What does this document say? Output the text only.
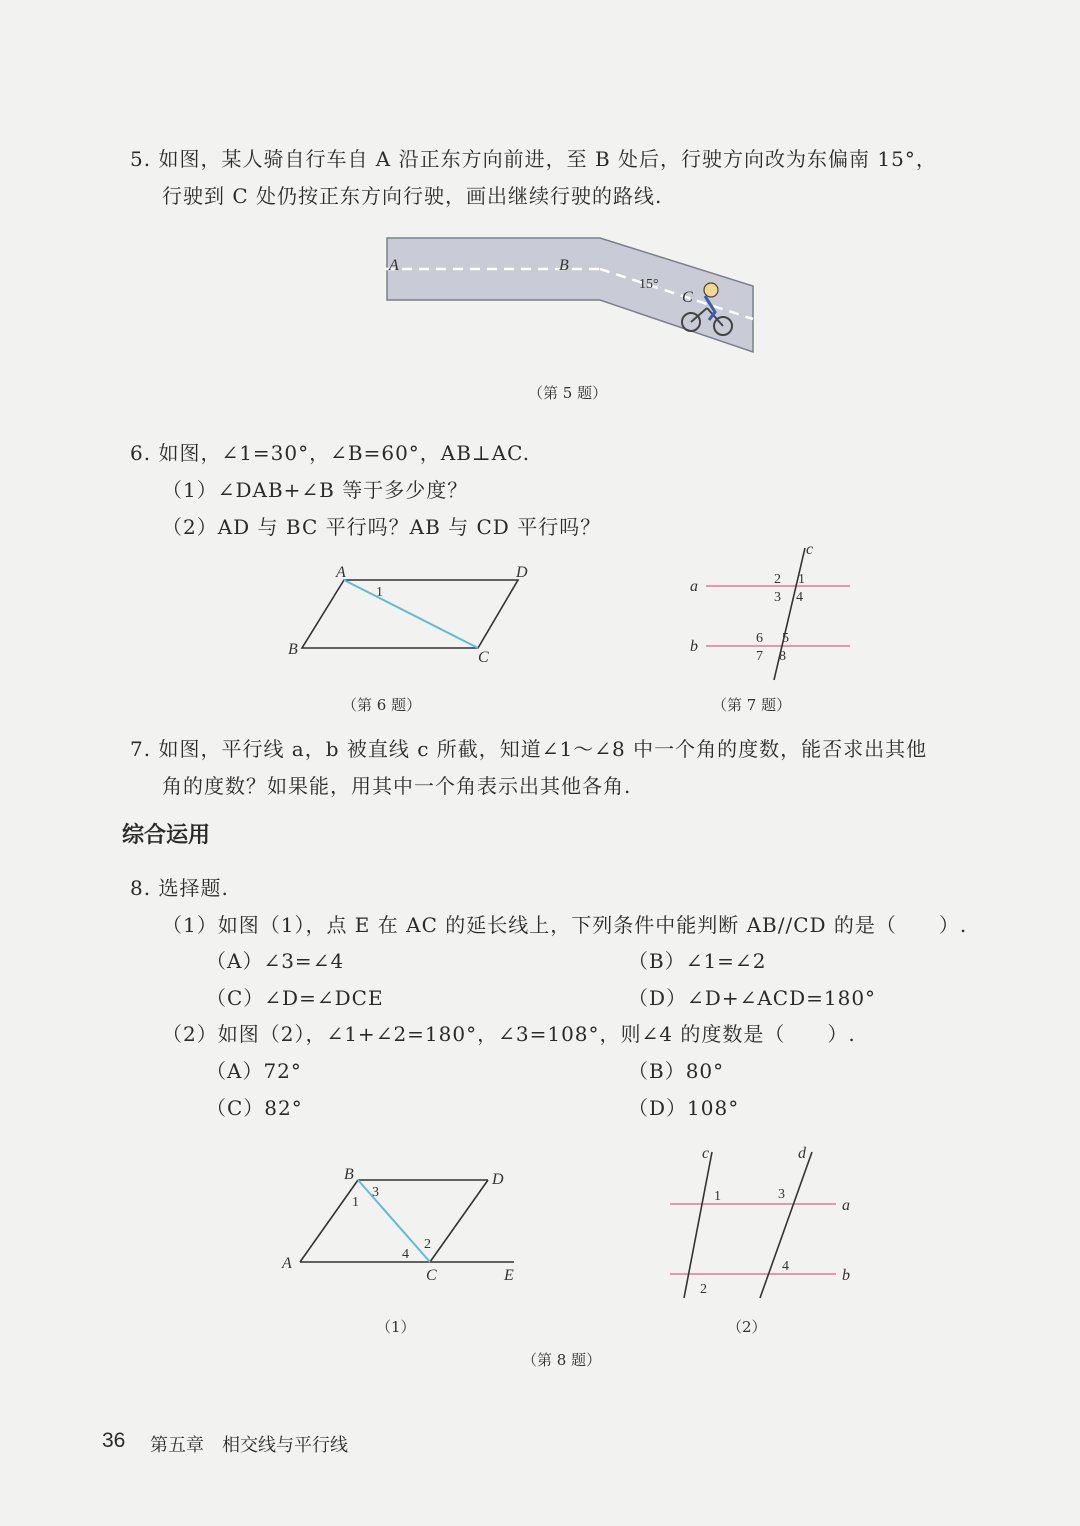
5. 如图，某人骑自行车自 A 沿正东方向前进，至 B 处后，行驶方向改为东偏南 15°，
行驶到 C 处仍按正东方向行驶，画出继续行驶的路线.
A	B
15°
C
（第 5 题）
6. 如图，∠1=30°，∠B=60°，AB⊥AC.
（1）∠DAB+∠B 等于多少度？
（2）AD 与 BC 平行吗？AB 与 CD 平行吗？
A	D
B	C
1
（第 6 题）
c
a
b
2 1
3 4
6 5
7 8
（第 7 题）
7. 如图，平行线 a，b 被直线 c 所截，知道∠1～∠8 中一个角的度数，能否求出其他
角的度数？如果能，用其中一个角表示出其他各角.
综合运用
8. 选择题.
（1）如图（1），点 E 在 AC 的延长线上，下列条件中能判断 AB//CD 的是（　　）.
（A）∠3=∠4	（B）∠1=∠2
（C）∠D=∠DCE	（D）∠D+∠ACD=180°
（2）如图（2），∠1+∠2=180°，∠3=108°，则∠4 的度数是（　　）.
（A）72°	（B）80°
（C）82°	（D）108°
B	D
A
C	E
1
3
4
2
（1）
c	d
a
b
1	3
2
4
（2）
（第 8 题）
36 第五章　相交线与平行线
